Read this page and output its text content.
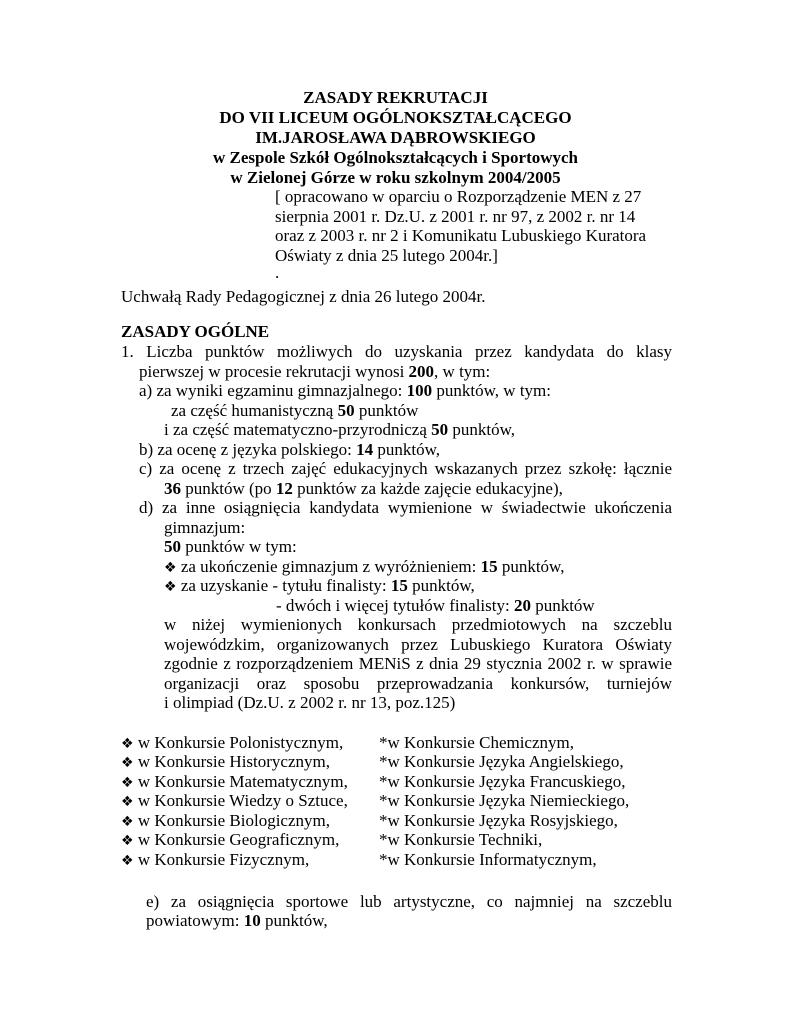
ZASADY REKRUTACJI
DO VII LICEUM OGÓLNOKSZTAŁCĄCEGO
IM.JAROSŁAWA DĄBROWSKIEGO
w Zespole Szkół Ogólnokształcących i Sportowych
w Zielonej Górze w roku szkolnym 2004/2005
[ opracowano w oparciu o Rozporządzenie MEN z 27
sierpnia 2001 r. Dz.U. z 2001 r. nr 97, z 2002 r. nr 14
oraz z 2003 r. nr 2 i Komunikatu Lubuskiego Kuratora
Oświaty z dnia 25 lutego 2004r.]
.
Uchwałą Rady Pedagogicznej z dnia 26 lutego 2004r.
ZASADY OGÓLNE
1. Liczba punktów możliwych do uzyskania przez kandydata do klasy
pierwszej w procesie rekrutacji wynosi 200, w tym:
a) za wyniki egzaminu gimnazjalnego: 100 punktów, w tym:
za część humanistyczną 50 punktów
i za część matematyczno-przyrodniczą 50 punktów,
b) za ocenę z języka polskiego: 14 punktów,
c) za ocenę z trzech zajęć edukacyjnych wskazanych przez szkołę: łącznie
36 punktów (po 12 punktów za każde zajęcie edukacyjne),
d) za inne osiągnięcia kandydata wymienione w świadectwie ukończenia
gimnazjum:
50 punktów w tym:
❖ za ukończenie gimnazjum z wyróżnieniem: 15 punktów,
❖ za uzyskanie - tytułu finalisty: 15 punktów,
- dwóch i więcej tytułów finalisty: 20 punktów
w niżej wymienionych konkursach przedmiotowych na szczeblu
wojewódzkim, organizowanych przez Lubuskiego Kuratora Oświaty
zgodnie z rozporządzeniem MENiS z dnia 29 stycznia 2002 r. w sprawie
organizacji oraz sposobu przeprowadzania konkursów, turniejów
i olimpiad (Dz.U. z 2002 r. nr 13, poz.125)
❖ w Konkursie Polonistycznym,
❖ w Konkursie Historycznym,
❖ w Konkursie Matematycznym,
❖ w Konkursie Wiedzy o Sztuce,
❖ w Konkursie Biologicznym,
❖ w Konkursie Geograficznym,
❖ w Konkursie Fizycznym,
*w Konkursie Chemicznym,
*w Konkursie Języka Angielskiego,
*w Konkursie Języka Francuskiego,
*w Konkursie Języka Niemieckiego,
*w Konkursie Języka Rosyjskiego,
*w Konkursie Techniki,
*w Konkursie Informatycznym,
e) za osiągnięcia sportowe lub artystyczne, co najmniej na szczeblu
powiatowym: 10 punktów,
